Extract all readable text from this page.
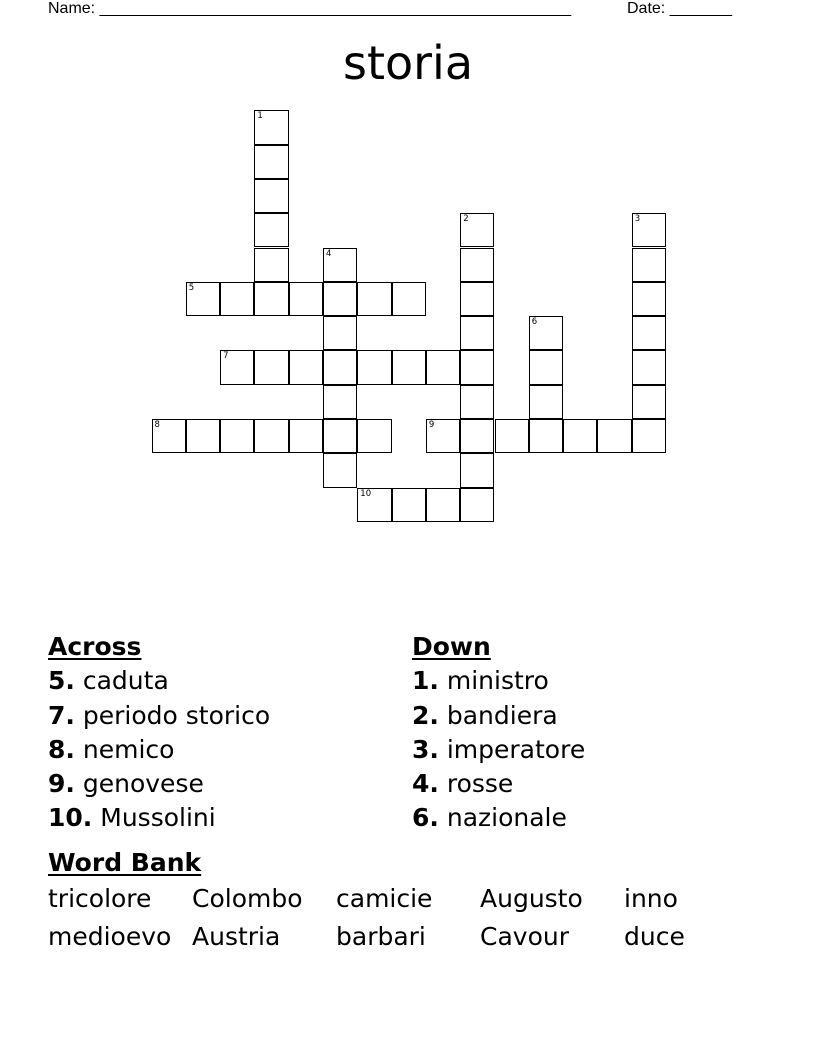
Name: _____________________________________________________	Date: _______
storia
1
2	3
4
5
6
7
8	9
10
Across
5. caduta
7. periodo storico
8. nemico
9. genovese
10. Mussolini
Down
1. ministro
2. bandiera
3. imperatore
4. rosse
6. nazionale
Word Bank
tricolore Colombo camicie Augusto inno
medioevo Austria barbari Cavour duce
